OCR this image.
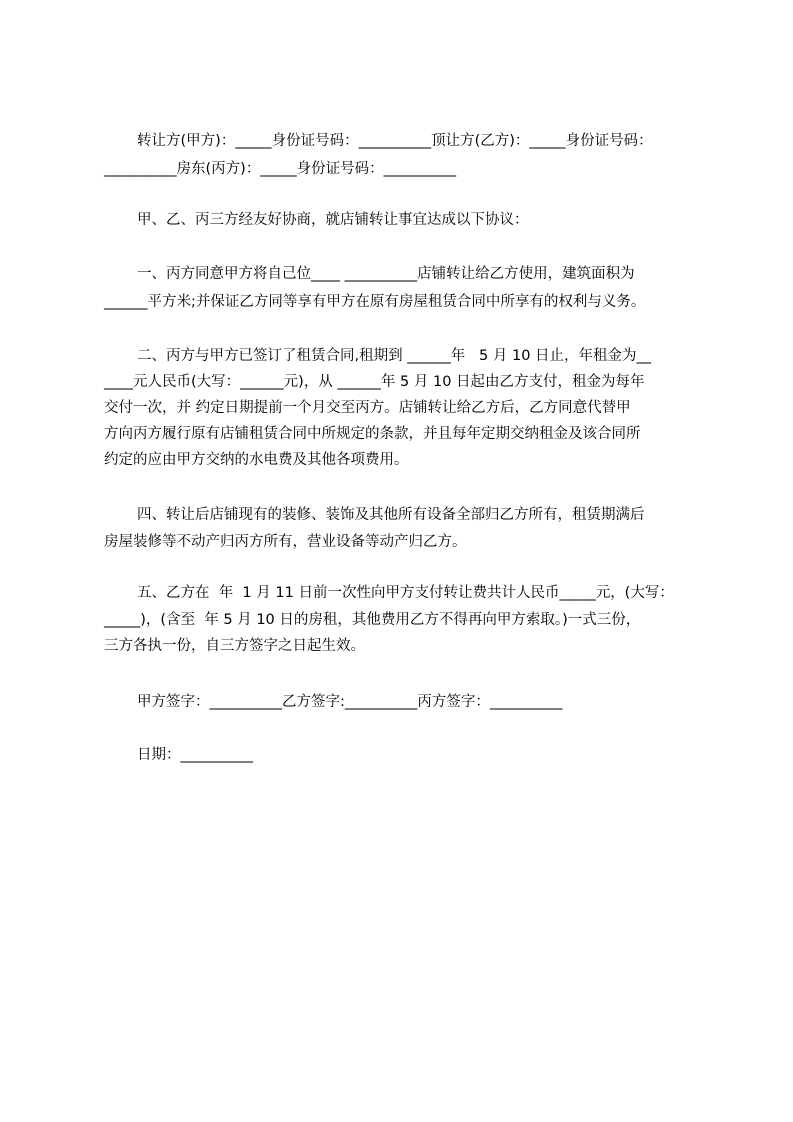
转让方(甲方)：_____身份证号码：__________顶让方(乙方)：_____身份证号码：
__________房东(丙方)：_____身份证号码：__________
甲、乙、丙三方经友好协商，就店铺转让事宜达成以下协议：
一、丙方同意甲方将自己位____ __________店铺转让给乙方使用，建筑面积为
______平方米;并保证乙方同等享有甲方在原有房屋租赁合同中所享有的权利与义务。
二、丙方与甲方已签订了租赁合同,租期到 ______年   5 月 10 日止，年租金为__
____元人民币(大写：______元)，从 ______年 5 月 10 日起由乙方支付，租金为每年
交付一次，并 约定日期提前一个月交至丙方。店铺转让给乙方后，乙方同意代替甲
方向丙方履行原有店铺租赁合同中所规定的条款，并且每年定期交纳租金及该合同所
约定的应由甲方交纳的水电费及其他各项费用。
四、转让后店铺现有的装修、装饰及其他所有设备全部归乙方所有，租赁期满后
房屋装修等不动产归丙方所有，营业设备等动产归乙方。
五、乙方在  年  1 月 11 日前一次性向甲方支付转让费共计人民币_____元，(大写：
_____)，(含至  年 5 月 10 日的房租，其他费用乙方不得再向甲方索取。)一式三份，
三方各执一份，自三方签字之日起生效。
甲方签字：__________乙方签字:__________丙方签字：__________
日期：__________
